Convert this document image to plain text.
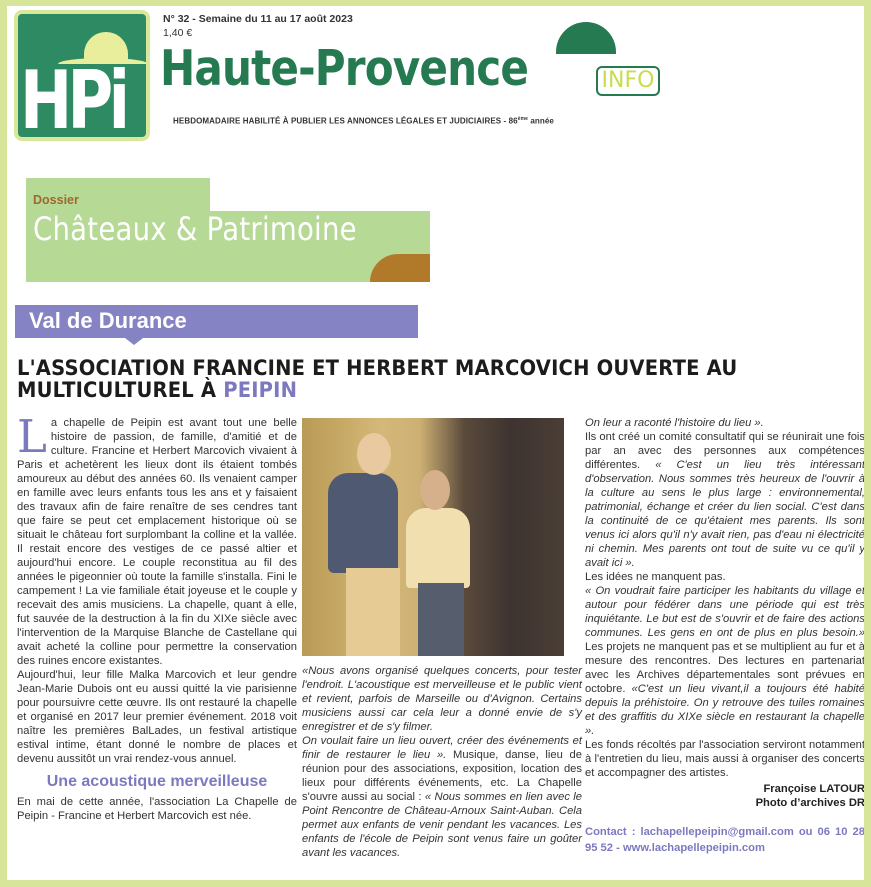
HPi
N° 32 - Semaine du 11 au 17 août 2023
1,40 €
Haute-Provence	INFO
HEBDOMADAIRE HABILITÉ À PUBLIER LES ANNONCES LÉGALES ET JUDICIAIRES - 86ème année
Dossier
Châteaux & Patrimoine
Val de Durance
L'ASSOCIATION FRANCINE ET HERBERT MARCOVICH OUVERTE AU MULTICULTUREL À PEIPIN
L a chapelle de Peipin est avant tout une belle histoire de passion, de famille, d'amitié et de culture. Francine et Herbert Marcovich vivaient à Paris et achetèrent les lieux dont ils étaient tombés amoureux au début des années 60. Ils venaient camper en famille avec leurs enfants tous les ans et y faisaient des travaux afin de faire renaître de ses cendres tant que faire se peut cet emplacement historique où se situait le château fort surplombant la colline et la vallée. Il restait encore des vestiges de ce passé altier et aujourd'hui encore. Le couple reconstitua au fil des années le pigeonnier où toute la famille s'installa. Fini le campement ! La vie familiale était joyeuse et le couple y recevait des amis musiciens. La chapelle, quant à elle, fut sauvée de la destruction à la fin du XIXe siècle avec l'intervention de la Marquise Blanche de Castellane qui avait acheté la colline pour permettre la conservation des ruines encore existantes.

Aujourd'hui, leur fille Malka Marcovich et leur gendre Jean-Marie Dubois ont eu aussi quitté la vie parisienne pour poursuivre cette œuvre. Ils ont restauré la chapelle et organisé en 2017 leur premier événement. 2018 voit naître les premières BalLades, un festival artistique estival intime, étant donné le nombre de places et devenu aussitôt un vrai rendez-vous annuel.

Une acoustique merveilleuse

En mai de cette année, l'association La Chapelle de Peipin - Francine et Herbert Marcovich est née.

«Nous avons organisé quelques concerts, pour tester l'endroit. L'acoustique est merveilleuse et le public vient et revient, parfois de Marseille ou d'Avignon. Certains musiciens aussi car cela leur a donné envie de s'y enregistrer et de s'y filmer.

On voulait faire un lieu ouvert, créer des événements et finir de restaurer le lieu ». Musique, danse, lieu de réunion pour des associations, exposition, location des lieux pour différents événements, etc. La Chapelle s'ouvre aussi au social : « Nous sommes en lien avec le Point Rencontre de Château-Arnoux Saint-Auban. Cela permet aux enfants de venir pendant les vacances. Les enfants de l'école de Peipin sont venus faire un goûter avant les vacances.

On leur a raconté l'histoire du lieu ».

Ils ont créé un comité consultatif qui se réunirait une fois par an avec des personnes aux compétences différentes. « C'est un lieu très intéressant d'observation. Nous sommes très heureux de l'ouvrir à la culture au sens le plus large : environnemental, patrimonial, échange et créer du lien social. C'est dans la continuité de ce qu'étaient mes parents. Ils sont venus ici alors qu'il n'y avait rien, pas d'eau ni électricité ni chemin. Mes parents ont tout de suite vu ce qu'il y avait ici ».

Les idées ne manquent pas.

« On voudrait faire participer les habitants du village et autour pour fédérer dans une période qui est très inquiétante. Le but est de s'ouvrir et de faire des actions communes. Les gens en ont de plus en plus besoin.» Les projets ne manquent pas et se multiplient au fur et à mesure des rencontres. Des lectures en partenariat avec les Archives départementales sont prévues en octobre. «C'est un lieu vivant,il a toujours été habité depuis la préhistoire. On y retrouve des tuiles romaines et des graffitis du XIXe siècle en restaurant la chapelle ».

Les fonds récoltés par l'association serviront notamment à l'entretien du lieu, mais aussi à organiser des concerts et accompagner des artistes.

Françoise LATOUR
Photo d’archives DR
Contact : lachapellepeipin@gmail.com ou 06 10 28 95 52 - www.lachapellepeipin.com
